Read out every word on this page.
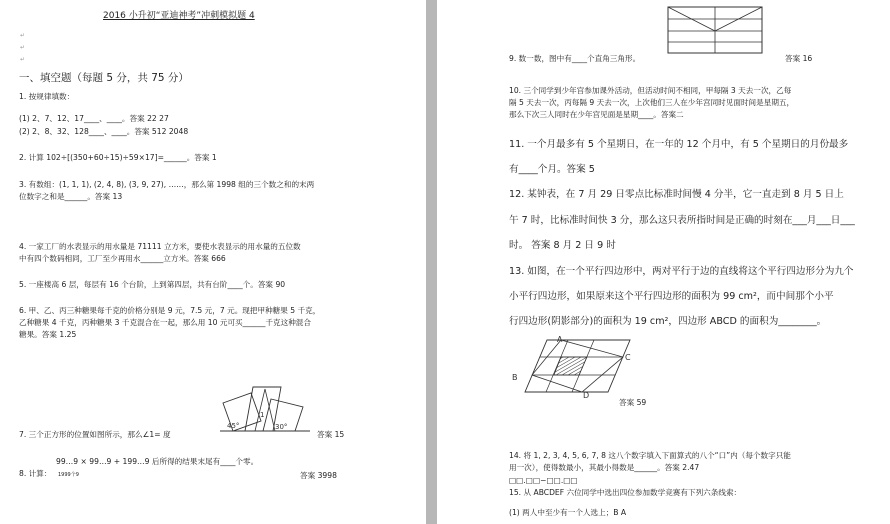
2016 小升初“亚迪神考”冲刺模拟题 4
↵
↵
↵
一、填空题（每题 5 分，共 75 分）
1. 按规律填数：
(1) 2、7、12、17____、____。答案 22 27
(2) 2、8、32、128____、____。答案 512 2048
2. 计算 102÷[(350+60÷15)÷59×17]=______。答案 1
3. 有数组：(1, 1, 1), (2, 4, 8), (3, 9, 27), ……，那么第 1998 组的三个数之和的末两
位数字之和是______。答案 13
4. 一家工厂的水表显示的用水量是 71111 立方米，要使水表显示的用水量的五位数
中有四个数码相同，工厂至少再用水______立方米。答案 666
5. 一座楼高 6 层，每层有 16 个台阶，上到第四层，共有台阶____个。答案 90
6. 甲、乙、丙三种糖果每千克的价格分别是 9 元，7.5 元，7 元。现把甲种糖果 5 千克，
乙种糖果 4 千克，丙种糖果 3 千克混合在一起，那么用 10 元可买______千克这种混合
糖果。答案 1.25
45°	30°
1
7. 三个正方形的位置如图所示，那么∠1= 度	答案 15
99…9 × 99…9 + 199…9 后所得的结果末尾有____个零。
8. 计算： 1999个9	答案 3998
9. 数一数，图中有____个直角三角形。	答案 16
10. 三个同学到少年宫参加课外活动，但活动时间不相同，甲每隔 3 天去一次，乙每
隔 5 天去一次，丙每隔 9 天去一次，上次他们三人在少年宫同时见面时间是星期五，
那么下次三人同时在少年宫见面是星期____。答案二
11. 一个月最多有 5 个星期日，在一年的 12 个月中，有 5 个星期日的月份最多
有____个月。答案 5
12. 某钟表，在 7 月 29 日零点比标准时间慢 4 分半，它一直走到 8 月 5 日上
午 7 时，比标准时间快 3 分，那么这只表所指时间是正确的时刻在___月___日___
时。 答案 8 月 2 日 9 时
13. 如图，在一个平行四边形中，两对平行于边的直线将这个平行四边形分为九个
小平行四边形，如果原来这个平行四边形的面积为 99 cm²，而中间那个小平
行四边形(阴影部分)的面积为 19 cm²，四边形 ABCD 的面积为________。
A
B
C
D
答案 59
14. 将 1, 2, 3, 4, 5, 6, 7, 8 这八个数字填入下面算式的八个“口”内（每个数字只能
用一次），使得数最小，其最小得数是______。答案 2.47
□□.□□−□□.□□
15. 从 ABCDEF 六位同学中选出四位参加数学竞赛有下列六条线索：
(1) 两人中至少有一个人选上；B A
